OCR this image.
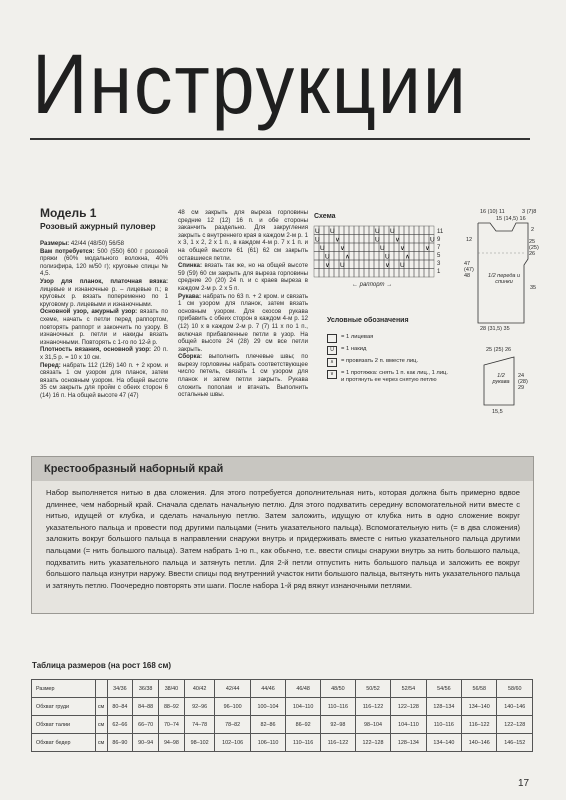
Инструкции
Модель 1
Розовый ажурный пуловер

Размеры: 42/44 (48/50) 56/58

Вам потребуется: 500 (550) 600 г розовой пряжи (60% модального волокна, 40% полиэфира, 120 м/50 г); круговые спицы № 4,5.

Узор для планок, платочная вязка: лицевые и изнаночные р. – лицевые п.; в круговых р. вязать попеременно по 1 круговому р. лицевыми и изнаночными.

Основной узор, ажурный узор: вязать по схеме, начать с петли перед раппортом, повторять раппорт и закончить по узору. В изнаночных р. петли и накиды вязать изнаночными. Повторять с 1-го по 12-й р.

Плотность вязания, основной узор: 20 п. х 31,5 р. = 10 х 10 см.

Перед: набрать 112 (126) 140 п. + 2 кром. и связать 1 см узором для планок, затем вязать основным узором. На общей высоте 35 см закрыть для пройм с обеих сторон 6 (14) 16 п. На общей высоте 47 (47)

48 см закрыть для выреза горловины средние 12 (12) 16 п. и обе стороны заканчить раздельно. Для закругления закрыть с внутреннего края в каждом 2-м р. 1 х 3, 1 х 2, 2 х 1 п., в каждом 4-м р. 7 х 1 п. и на общей высоте 61 (61) 62 см закрыть оставшиеся петли.

Спинка: вязать так же, но на общей высоте 59 (59) 60 см закрыть для выреза горловины средние 20 (20) 24 п. и с краев выреза в каждом 2-м р. 2 х 5 п.

Рукава: набрать по 63 п. + 2 кром. и связать 1 см узором для планок, затем вязать основным узором. Для скосов рукава прибавить с обеих сторон в каждом 4-м р. 12 (12) 10 х в каждом 2-м р. 7 (7) 11 х по 1 п., включая прибавленные петли в узор. На общей высоте 24 (28) 29 см все петли закрыть.

Сборка: выполнить плечевые швы; по вырезу горловины набрать соответствующее число петель, связать 1 см узором для планок и затем петли закрыть. Рукава сложить пополам и втачать. Выполнить остальные швы.

Схема
U U
U ∨
U ∨
U ∧
∨ U
U U
U ∨
U ∨
U ∧
∨ U
U
∨
11
9
7
5
3
1
← раппорт →
Условные обозначения
= 1 лицевая
U	= 1 накид
∧	= провязать 2 п. вместе лиц.
∨	= 1 протяжка: снять 1 п. как лиц., 1 лиц. и протянуть ее через снятую петлю
16 (10) 11
15 (14,5) 16
3 (7)8
12
47 (47) 48
2
25 (25) 26
35
1/2 переда и спинки
28 (31,5) 35
25 (25) 26
1/2 рукава
24 (28) 29
15,5
Крестообразный наборный край
Набор выполняется нитью в два сложения. Для этого потребуется дополнительная нить, которая должна быть примерно вдвое длиннее, чем наборный край. Сначала сделать начальную петлю. Для этого подхватить середину вспомогательной нити вместе с нитью, идущей от клубка, и сделать начальную петлю. Затем заложить, идущую от клубка нить в одно сложение вокруг указательного пальца и провести под другими пальцами (=нить указательного пальца). Вспомогательную нить (= в два сложения) заложить вокруг большого пальца в направлении снаружи внутрь и придерживать вместе с нитью указательного пальца другими пальцами (= нить большого пальца). Затем набрать 1-ю п., как обычно, т.е. ввести спицы снаружи внутрь за нить большого пальца, подхватить нить указательного пальца и затянуть петли. Для 2-й петли отпустить нить большого пальца и заложить ее вокруг большого пальца изнутри наружу. Ввести спицы под внутренний участок нити большого пальца, вытянуть нить указательного пальца и затянуть петлю. Поочередно повторять эти шаги. После набора 1-й ряд вяжут изнаночными петлями.
Таблица размеров (на рост 168 см)
Размер		34/36	36/38	38/40	40/42	42/44	44/46	46/48	48/50	50/52	52/54	54/56	56/58	58/60
Обхват груди	см	80–84	84–88	88–92	92–96	96–100	100–104	104–110	110–116	116–122	122–128	128–134	134–140	140–146
Обхват талии	см	62–66	66–70	70–74	74–78	78–82	82–86	86–92	92–98	98–104	104–110	110–116	116–122	122–128
Обхват бедер	см	86–90	90–94	94–98	98–102	102–106	106–110	110–116	116–122	122–128	128–134	134–140	140–146	146–152
17
